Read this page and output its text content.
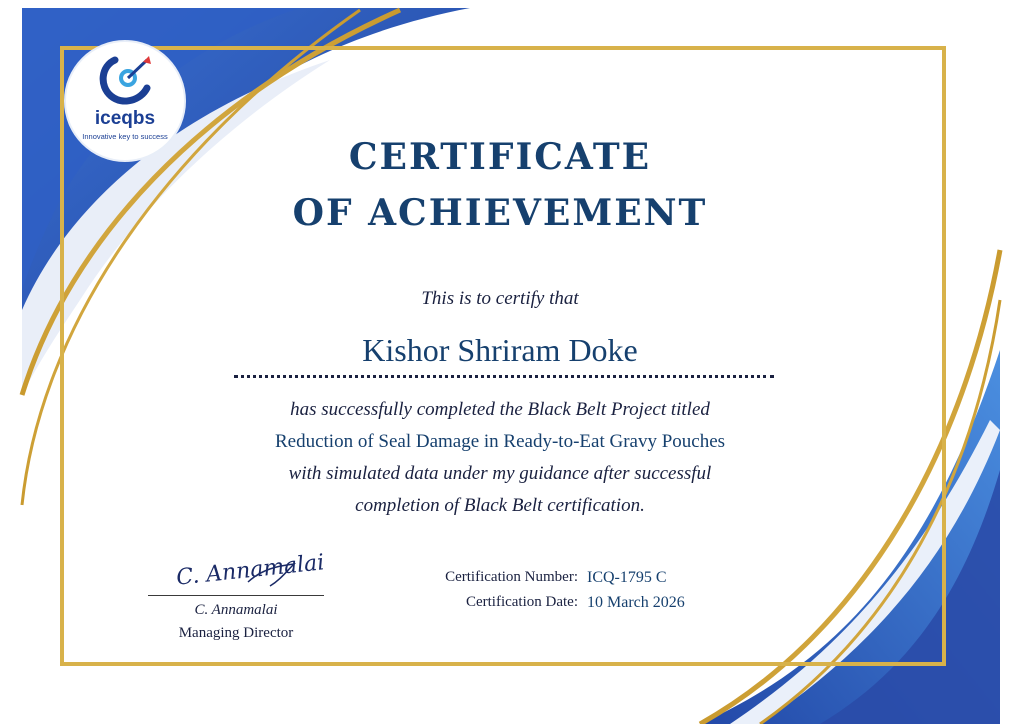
iceqbs
Innovative key to success	CERTIFICATE
OF ACHIEVEMENT
This is to certify that
Kishor Shriram Doke
has successfully completed the Black Belt Project titled
Reduction of Seal Damage in Ready-to-Eat Gravy Pouches
with simulated data under my guidance after successful
completion of Black Belt certification.
C. Annamalai
C. Annamalai
Managing Director
Certification Number: ICQ-1795 C
Certification Date: 10 March 2026
